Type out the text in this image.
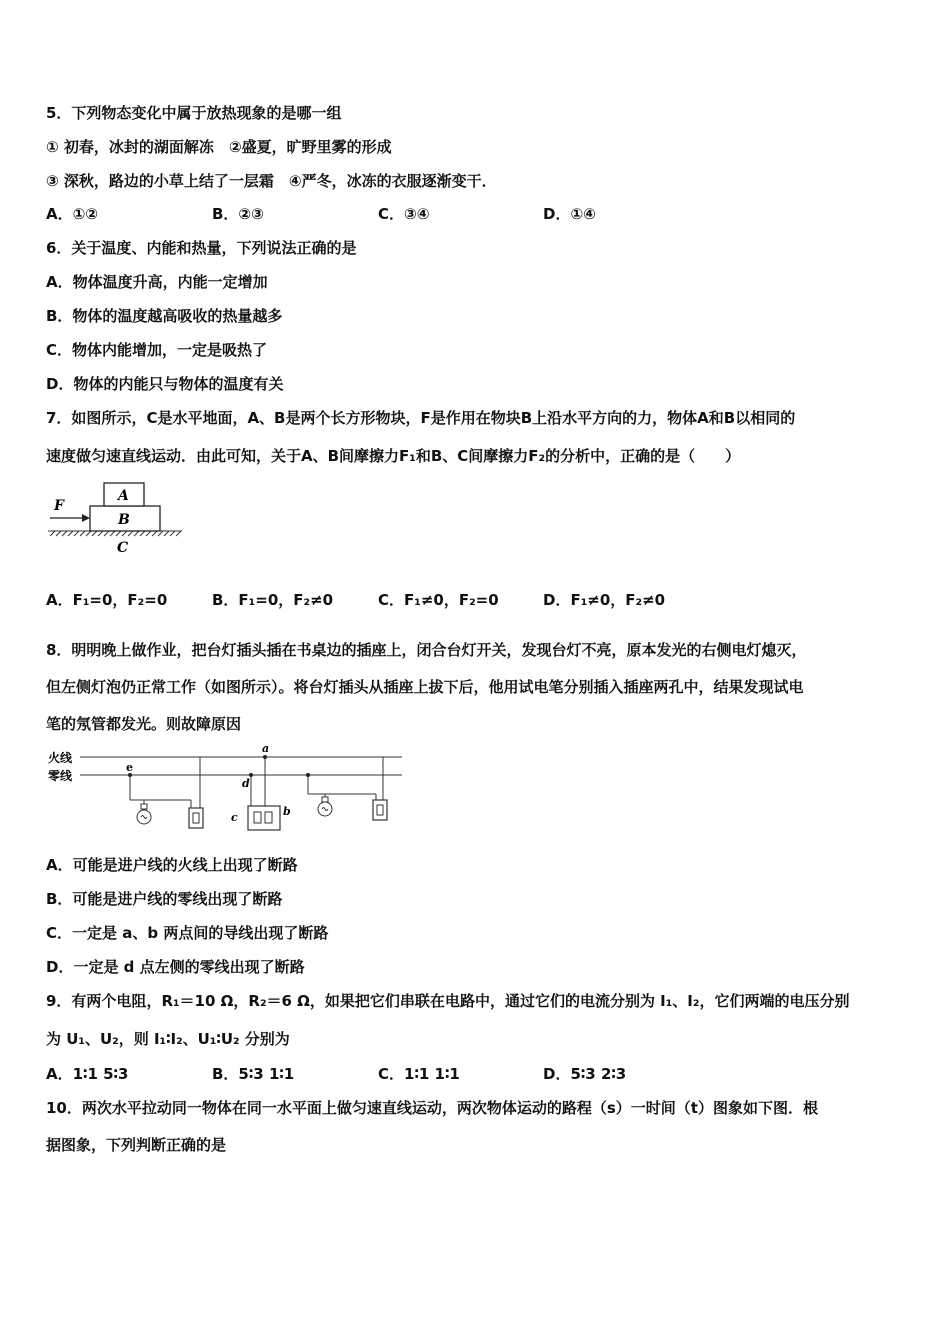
5．下列物态变化中属于放热现象的是哪一组
① 初春，冰封的湖面解冻　②盛夏，旷野里雾的形成
③ 深秋，路边的小草上结了一层霜　④严冬，冰冻的衣服逐渐变干．
A．①②	B．②③	C．③④	D．①④
6．关于温度、内能和热量，下列说法正确的是
A．物体温度升高，内能一定增加
B．物体的温度越高吸收的热量越多
C．物体内能增加，一定是吸热了
D．物体的内能只与物体的温度有关
7．如图所示，C是水平地面，A、B是两个长方形物块，F是作用在物块B上沿水平方向的力，物体A和B以相同的
速度做匀速直线运动．由此可知，关于A、B间摩擦力F₁和B、C间摩擦力F₂的分析中，正确的是（　　）
F
A
B
C
A．F₁=0，F₂=0	B．F₁=0，F₂≠0	C．F₁≠0，F₂=0	D．F₁≠0，F₂≠0
8．明明晚上做作业，把台灯插头插在书桌边的插座上，闭合台灯开关，发现台灯不亮，原本发光的右侧电灯熄灭，
但左侧灯泡仍正常工作（如图所示）。将台灯插头从插座上拔下后，他用试电笔分别插入插座两孔中，结果发现试电
笔的氖管都发光。则故障原因
火线
零线
e
a
d
c	b
A．可能是进户线的火线上出现了断路
B．可能是进户线的零线出现了断路
C．一定是 a、b 两点间的导线出现了断路
D．一定是 d 点左侧的零线出现了断路
9．有两个电阻，R₁＝10 Ω，R₂＝6 Ω，如果把它们串联在电路中，通过它们的电流分别为 I₁、I₂，它们两端的电压分别
为 U₁、U₂，则 I₁∶I₂、U₁∶U₂ 分别为
A．1∶1 5∶3	B．5∶3 1∶1	C．1∶1 1∶1	D．5∶3 2∶3
10．两次水平拉动同一物体在同一水平面上做匀速直线运动，两次物体运动的路程（s）一时间（t）图象如下图．根
据图象，下列判断正确的是
